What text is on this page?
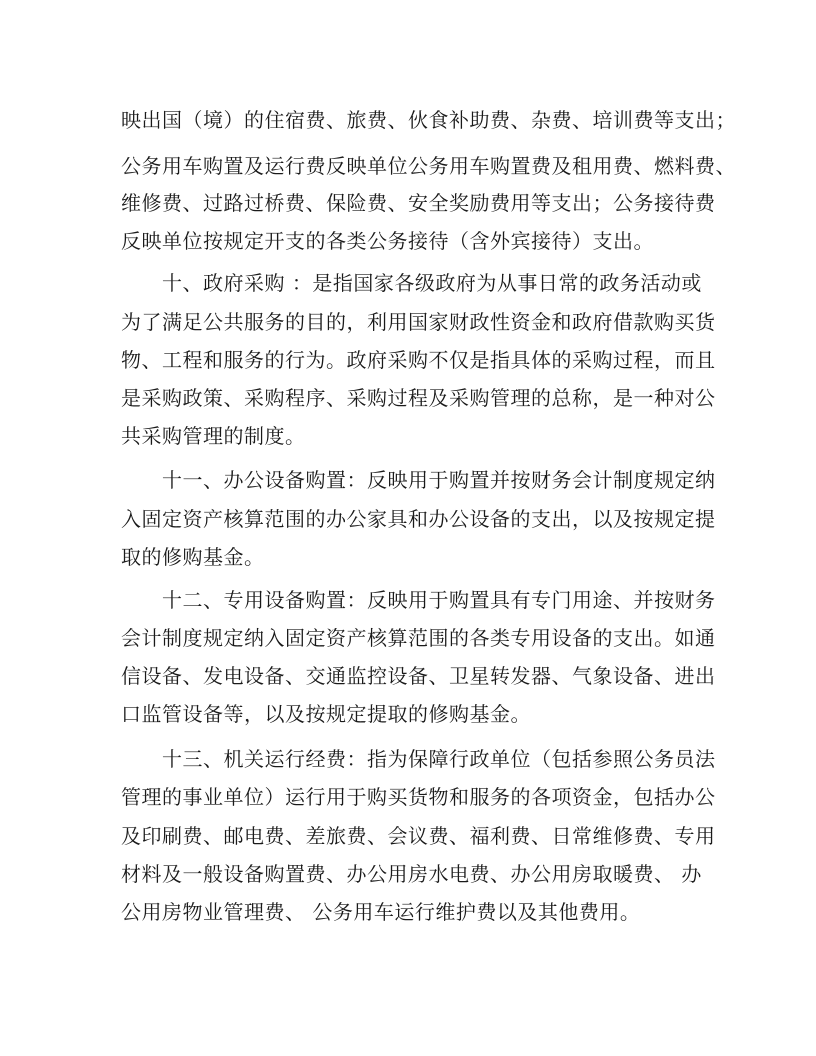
映出国（境）的住宿费、旅费、伙食补助费、杂费、培训费等支出；
公务用车购置及运行费反映单位公务用车购置费及租用费、燃料费、
维修费、过路过桥费、保险费、安全奖励费用等支出；公务接待费
反映单位按规定开支的各类公务接待（含外宾接待）支出。
十、政府采购 ：是指国家各级政府为从事日常的政务活动或
为了满足公共服务的目的，利用国家财政性资金和政府借款购买货
物、工程和服务的行为。政府采购不仅是指具体的采购过程，而且
是采购政策、采购程序、采购过程及采购管理的总称，是一种对公
共采购管理的制度。
十一、办公设备购置：反映用于购置并按财务会计制度规定纳
入固定资产核算范围的办公家具和办公设备的支出，以及按规定提
取的修购基金。
十二、专用设备购置：反映用于购置具有专门用途、并按财务
会计制度规定纳入固定资产核算范围的各类专用设备的支出。如通
信设备、发电设备、交通监控设备、卫星转发器、气象设备、进出
口监管设备等，以及按规定提取的修购基金。
十三、机关运行经费：指为保障行政单位（包括参照公务员法
管理的事业单位）运行用于购买货物和服务的各项资金，包括办公
及印刷费、邮电费、差旅费、会议费、福利费、日常维修费、专用
材料及一般设备购置费、办公用房水电费、办公用房取暖费、 办
公用房物业管理费、 公务用车运行维护费以及其他费用。
